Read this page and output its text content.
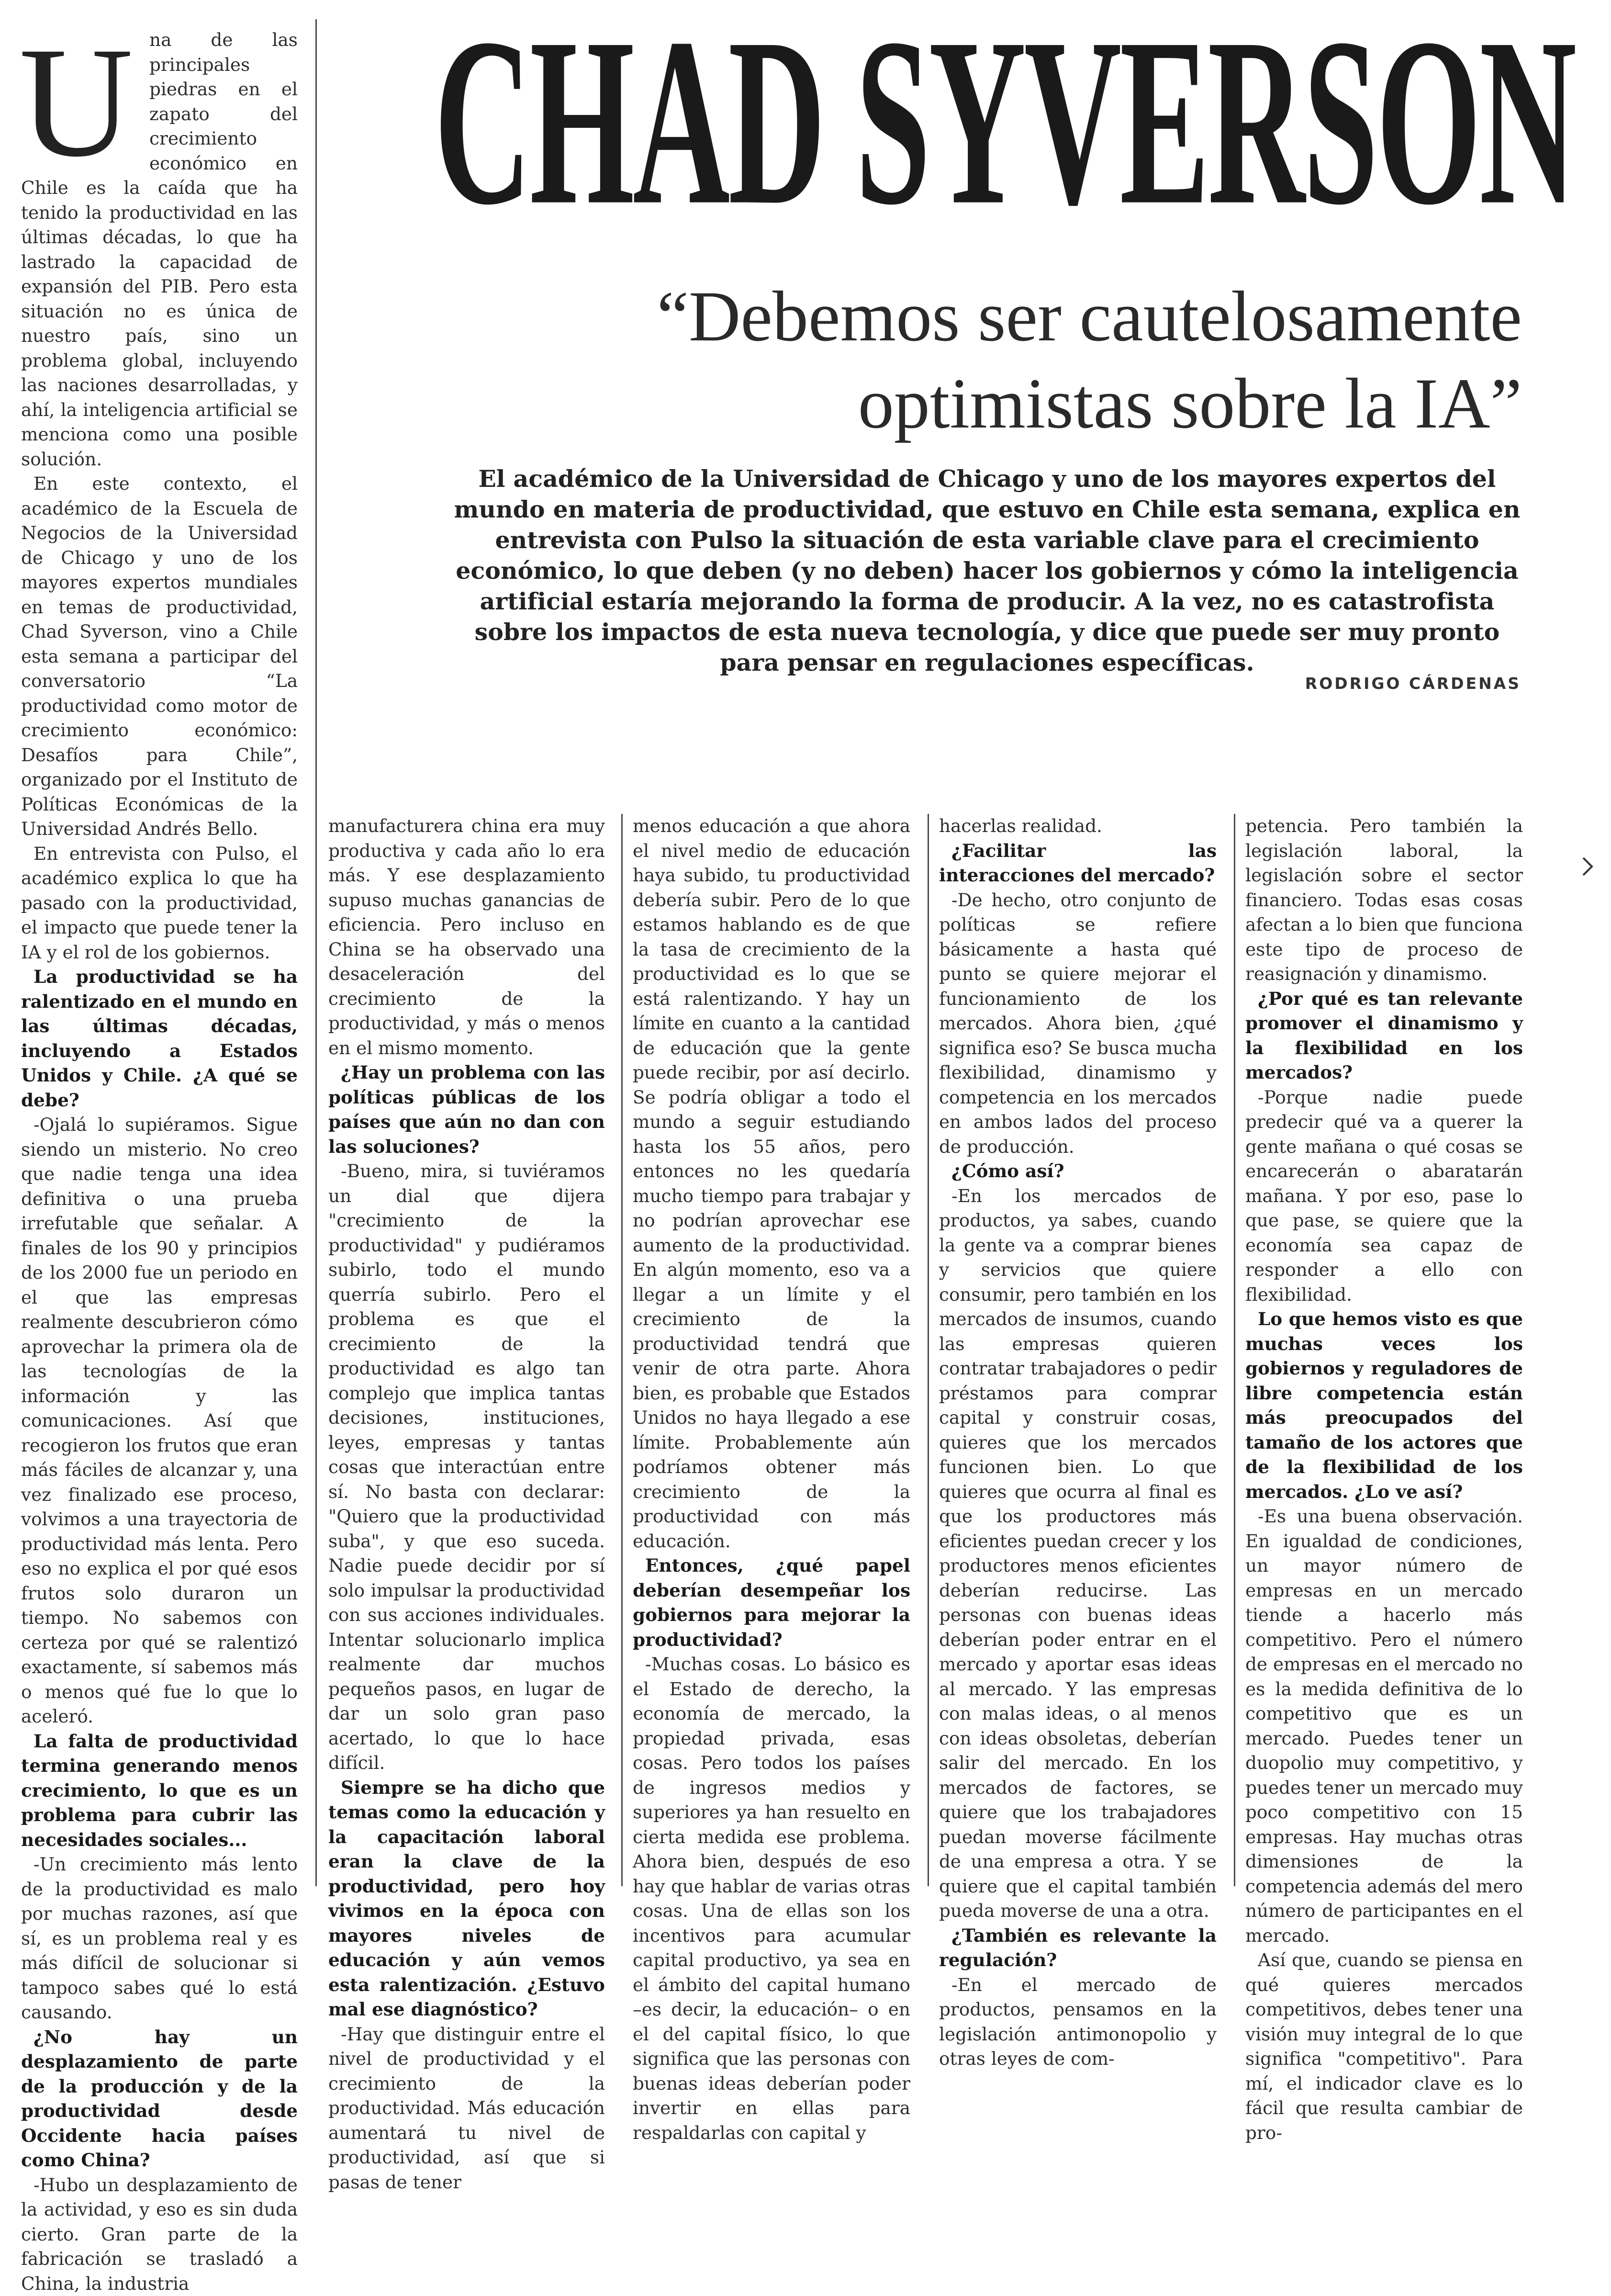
CHAD SYVERSON
“Debemos ser cautelosamente
optimistas sobre la IA”
El académico de la Universidad de Chicago y uno de los mayores expertos del mundo en materia de productividad, que estuvo en Chile esta semana, explica en entrevista con Pulso la situación de esta variable clave para el crecimiento económico, lo que deben (y no deben) hacer los gobiernos y cómo la inteligencia artificial estaría mejorando la forma de producir. A la vez, no es catastrofista sobre los impactos de esta nueva tecnología, y dice que puede ser muy pronto para pensar en regulaciones específicas.
RODRIGO CÁRDENAS
U na de las principales piedras en el zapato del crecimiento económico en Chile es la caída que ha tenido la productividad en las últimas décadas, lo que ha lastrado la capacidad de expansión del PIB. Pero esta situación no es única de nuestro país, sino un problema global, incluyendo las naciones desarrolladas, y ahí, la inteligencia artificial se menciona como una posible solución.

En este contexto, el académico de la Escuela de Negocios de la Universidad de Chicago y uno de los mayores expertos mundiales en temas de productividad, Chad Syverson, vino a Chile esta semana a participar del conversatorio “La productividad como motor de crecimiento económico: Desafíos para Chile”, organizado por el Instituto de Políticas Económicas de la Universidad Andrés Bello.

En entrevista con Pulso, el académico explica lo que ha pasado con la productividad, el impacto que puede tener la IA y el rol de los gobiernos.

La productividad se ha ralentizado en el mundo en las últimas décadas, incluyendo a Estados Unidos y Chile. ¿A qué se debe?

-Ojalá lo supiéramos. Sigue siendo un misterio. No creo que nadie tenga una idea definitiva o una prueba irrefutable que señalar. A finales de los 90 y principios de los 2000 fue un periodo en el que las empresas realmente descubrieron cómo aprovechar la primera ola de las tecnologías de la información y las comunicaciones. Así que recogieron los frutos que eran más fáciles de alcanzar y, una vez finalizado ese proceso, volvimos a una trayectoria de productividad más lenta. Pero eso no explica el por qué esos frutos solo duraron un tiempo. No sabemos con certeza por qué se ralentizó exactamente, sí sabemos más o menos qué fue lo que lo aceleró.

La falta de productividad termina generando menos crecimiento, lo que es un problema para cubrir las necesidades sociales...

-Un crecimiento más lento de la productividad es malo por muchas razones, así que sí, es un problema real y es más difícil de solucionar si tampoco sabes qué lo está causando.

¿No hay un desplazamiento de parte de la producción y de la productividad desde Occidente hacia países como China?

-Hubo un desplazamiento de la actividad, y eso es sin duda cierto. Gran parte de la fabricación se trasladó a China, la industria

manufacturera china era muy productiva y cada año lo era más. Y ese desplazamiento supuso muchas ganancias de eficiencia. Pero incluso en China se ha observado una desaceleración del crecimiento de la productividad, y más o menos en el mismo momento.

¿Hay un problema con las políticas públicas de los países que aún no dan con las soluciones?

-Bueno, mira, si tuviéramos un dial que dijera "crecimiento de la productividad" y pudiéramos subirlo, todo el mundo querría subirlo. Pero el problema es que el crecimiento de la productividad es algo tan complejo que implica tantas decisiones, instituciones, leyes, empresas y tantas cosas que interactúan entre sí. No basta con declarar: "Quiero que la productividad suba", y que eso suceda. Nadie puede decidir por sí solo impulsar la productividad con sus acciones individuales. Intentar solucionarlo implica realmente dar muchos pequeños pasos, en lugar de dar un solo gran paso acertado, lo que lo hace difícil.

Siempre se ha dicho que temas como la educación y la capacitación laboral eran la clave de la productividad, pero hoy vivimos en la época con mayores niveles de educación y aún vemos esta ralentización. ¿Estuvo mal ese diagnóstico?

-Hay que distinguir entre el nivel de productividad y el crecimiento de la productividad. Más educación aumentará tu nivel de productividad, así que si pasas de tener

menos educación a que ahora el nivel medio de educación haya subido, tu productividad debería subir. Pero de lo que estamos hablando es de que la tasa de crecimiento de la productividad es lo que se está ralentizando. Y hay un límite en cuanto a la cantidad de educación que la gente puede recibir, por así decirlo. Se podría obligar a todo el mundo a seguir estudiando hasta los 55 años, pero entonces no les quedaría mucho tiempo para trabajar y no podrían aprovechar ese aumento de la productividad. En algún momento, eso va a llegar a un límite y el crecimiento de la productividad tendrá que venir de otra parte. Ahora bien, es probable que Estados Unidos no haya llegado a ese límite. Probablemente aún podríamos obtener más crecimiento de la productividad con más educación.

Entonces, ¿qué papel deberían desempeñar los gobiernos para mejorar la productividad?

-Muchas cosas. Lo básico es el Estado de derecho, la economía de mercado, la propiedad privada, esas cosas. Pero todos los países de ingresos medios y superiores ya han resuelto en cierta medida ese problema. Ahora bien, después de eso hay que hablar de varias otras cosas. Una de ellas son los incentivos para acumular capital productivo, ya sea en el ámbito del capital humano –es decir, la educación– o en el del capital físico, lo que significa que las personas con buenas ideas deberían poder invertir en ellas para respaldarlas con capital y

hacerlas realidad.

¿Facilitar las interacciones del mercado?

-De hecho, otro conjunto de políticas se refiere básicamente a hasta qué punto se quiere mejorar el funcionamiento de los mercados. Ahora bien, ¿qué significa eso? Se busca mucha flexibilidad, dinamismo y competencia en los mercados en ambos lados del proceso de producción.

¿Cómo así?

-En los mercados de productos, ya sabes, cuando la gente va a comprar bienes y servicios que quiere consumir, pero también en los mercados de insumos, cuando las empresas quieren contratar trabajadores o pedir préstamos para comprar capital y construir cosas, quieres que los mercados funcionen bien. Lo que quieres que ocurra al final es que los productores más eficientes puedan crecer y los productores menos eficientes deberían reducirse. Las personas con buenas ideas deberían poder entrar en el mercado y aportar esas ideas al mercado. Y las empresas con malas ideas, o al menos con ideas obsoletas, deberían salir del mercado. En los mercados de factores, se quiere que los trabajadores puedan moverse fácilmente de una empresa a otra. Y se quiere que el capital también pueda moverse de una a otra.

¿También es relevante la regulación?

-En el mercado de productos, pensamos en la legislación antimonopolio y otras leyes de com-

petencia. Pero también la legislación laboral, la legislación sobre el sector financiero. Todas esas cosas afectan a lo bien que funciona este tipo de proceso de reasignación y dinamismo.

¿Por qué es tan relevante promover el dinamismo y la flexibilidad en los mercados?

-Porque nadie puede predecir qué va a querer la gente mañana o qué cosas se encarecerán o abaratarán mañana. Y por eso, pase lo que pase, se quiere que la economía sea capaz de responder a ello con flexibilidad.

Lo que hemos visto es que muchas veces los gobiernos y reguladores de libre competencia están más preocupados del tamaño de los actores que de la flexibilidad de los mercados. ¿Lo ve así?

-Es una buena observación. En igualdad de condiciones, un mayor número de empresas en un mercado tiende a hacerlo más competitivo. Pero el número de empresas en el mercado no es la medida definitiva de lo competitivo que es un mercado. Puedes tener un duopolio muy competitivo, y puedes tener un mercado muy poco competitivo con 15 empresas. Hay muchas otras dimensiones de la competencia además del mero número de participantes en el mercado.

Así que, cuando se piensa en qué quieres mercados competitivos, debes tener una visión muy integral de lo que significa "competitivo". Para mí, el indicador clave es lo fácil que resulta cambiar de pro-
